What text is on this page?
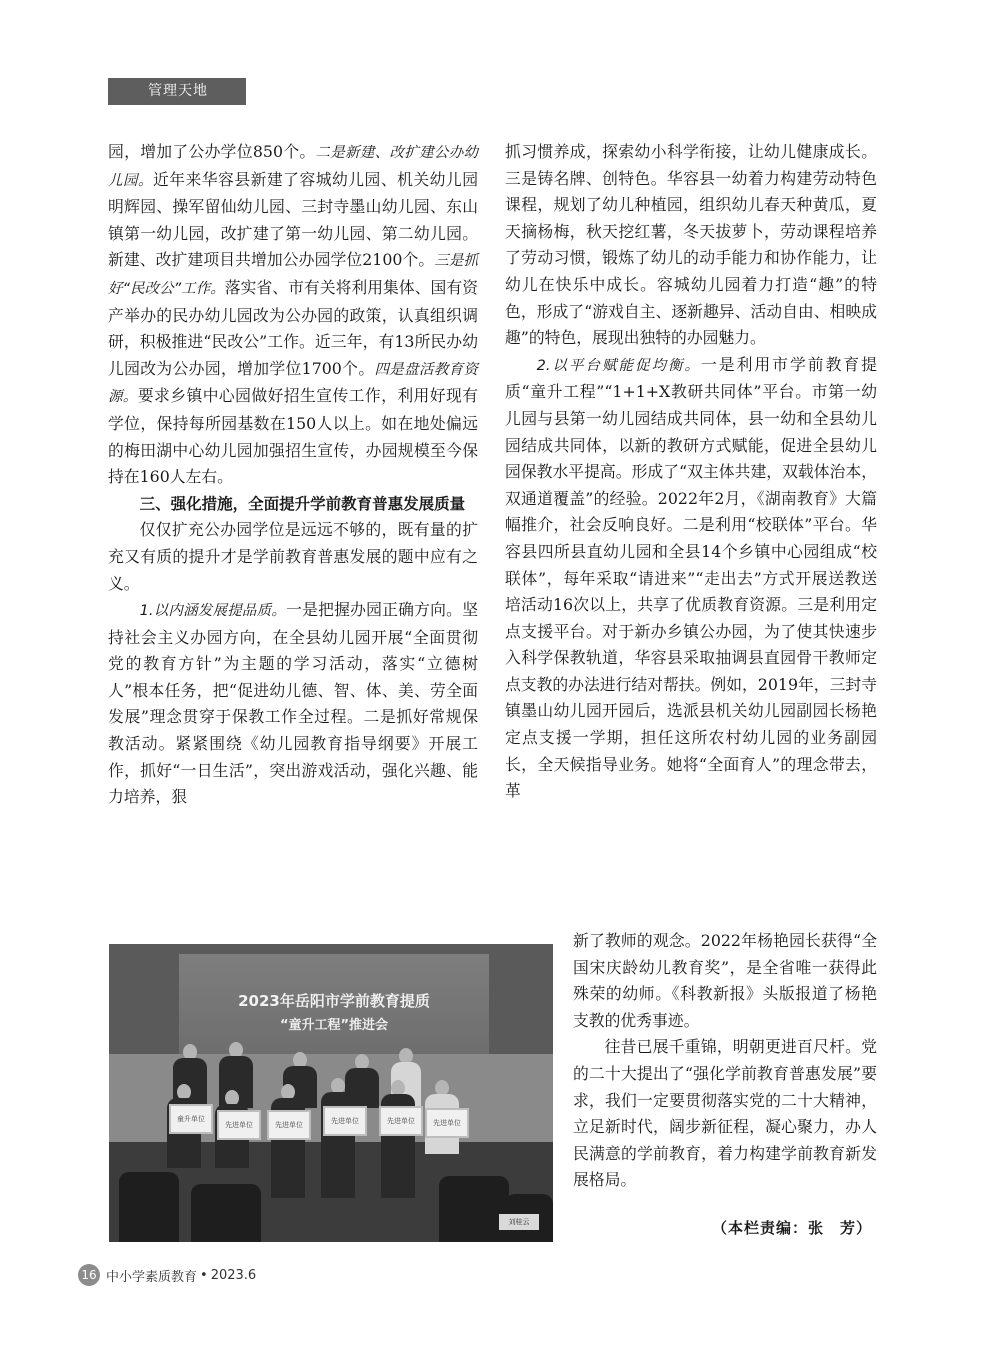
管理天地

园，增加了公办学位850个。二是新建、改扩建公办幼儿园。近年来华容县新建了容城幼儿园、机关幼儿园明辉园、操军留仙幼儿园、三封寺墨山幼儿园、东山镇第一幼儿园，改扩建了第一幼儿园、第二幼儿园。新建、改扩建项目共增加公办园学位2100个。三是抓好“民改公”工作。落实省、市有关将利用集体、国有资产举办的民办幼儿园改为公办园的政策，认真组织调研，积极推进“民改公”工作。近三年，有13所民办幼儿园改为公办园，增加学位1700个。四是盘活教育资源。要求乡镇中心园做好招生宣传工作，利用好现有学位，保持每所园基数在150人以上。如在地处偏远的梅田湖中心幼儿园加强招生宣传，办园规模至今保持在160人左右。

三、强化措施，全面提升学前教育普惠发展质量

仅仅扩充公办园学位是远远不够的，既有量的扩充又有质的提升才是学前教育普惠发展的题中应有之义。

1.以内涵发展提品质。一是把握办园正确方向。坚持社会主义办园方向，在全县幼儿园开展“全面贯彻党的教育方针”为主题的学习活动，落实“立德树人”根本任务，把“促进幼儿德、智、体、美、劳全面发展”理念贯穿于保教工作全过程。二是抓好常规保教活动。紧紧围绕《幼儿园教育指导纲要》开展工作，抓好“一日生活”，突出游戏活动，强化兴趣、能力培养，狠

抓习惯养成，探索幼小科学衔接，让幼儿健康成长。三是铸名牌、创特色。华容县一幼着力构建劳动特色课程，规划了幼儿种植园，组织幼儿春天种黄瓜，夏天摘杨梅，秋天挖红薯，冬天拔萝卜，劳动课程培养了劳动习惯，锻炼了幼儿的动手能力和协作能力，让幼儿在快乐中成长。容城幼儿园着力打造“趣”的特色，形成了“游戏自主、逐新趣异、活动自由、相映成趣”的特色，展现出独特的办园魅力。

2.以平台赋能促均衡。一是利用市学前教育提质“童升工程”“1+1+X教研共同体”平台。市第一幼儿园与县第一幼儿园结成共同体，县一幼和全县幼儿园结成共同体，以新的教研方式赋能，促进全县幼儿园保教水平提高。形成了“双主体共建，双载体治本，双通道覆盖”的经验。2022年2月，《湖南教育》大篇幅推介，社会反响良好。二是利用“校联体”平台。华容县四所县直幼儿园和全县14个乡镇中心园组成“校联体”，每年采取“请进来”“走出去”方式开展送教送培活动16次以上，共享了优质教育资源。三是利用定点支援平台。对于新办乡镇公办园，为了使其快速步入科学保教轨道，华容县采取抽调县直园骨干教师定点支教的办法进行结对帮扶。例如，2019年，三封寺镇墨山幼儿园开园后，选派县机关幼儿园副园长杨艳定点支援一学期，担任这所农村幼儿园的业务副园长，全天候指导业务。她将“全面育人”的理念带去，革

新了教师的观念。2022年杨艳园长获得“全国宋庆龄幼儿教育奖”，是全省唯一获得此殊荣的幼师。《科教新报》头版报道了杨艳支教的优秀事迹。

往昔已展千重锦，明朝更进百尺杆。党的二十大提出了“强化学前教育普惠发展”要求，我们一定要贯彻落实党的二十大精神，立足新时代，阔步新征程，凝心聚力，办人民满意的学前教育，着力构建学前教育新发展格局。

2023年岳阳市学前教育提质
“童升工程”推进会
童升单位
先进单位	先进单位	先进单位	先进单位	先进单位
刘桂云	（本栏责编：张　芳）
16 中小学素质教育 • 2023.6
